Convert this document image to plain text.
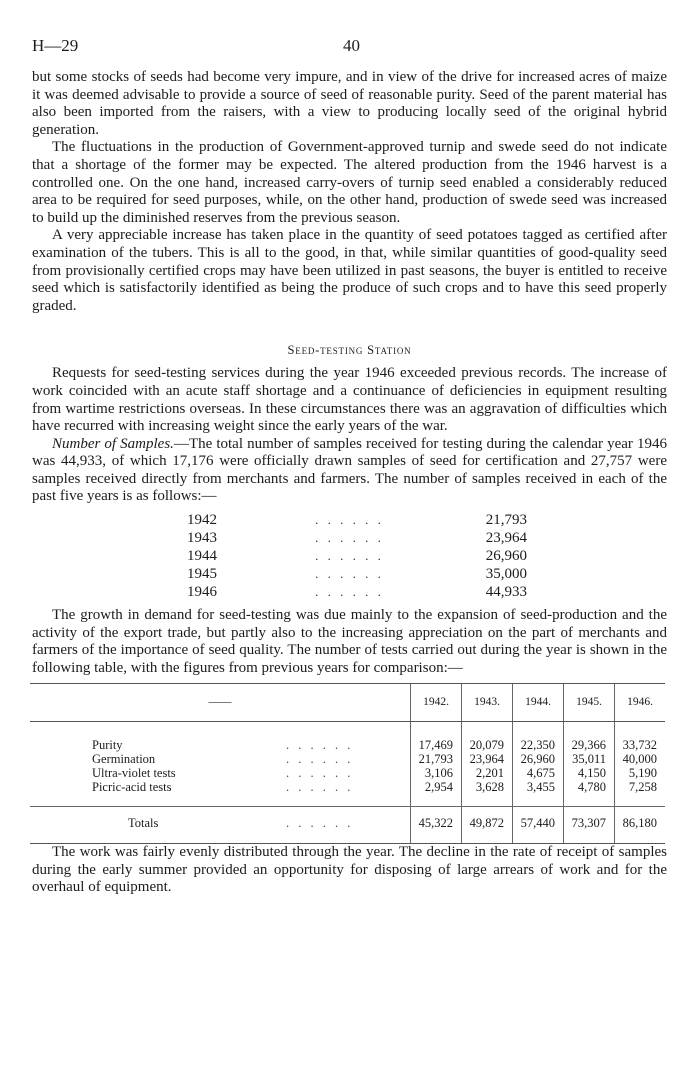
H—29	40

but some stocks of seeds had become very impure, and in view of the drive for increased acres of maize it was deemed advisable to provide a source of seed of reasonable purity. Seed of the parent material has also been imported from the raisers, with a view to producing locally seed of the original hybrid generation.

The fluctuations in the production of Government-approved turnip and swede seed do not indicate that a shortage of the former may be expected. The altered production from the 1946 harvest is a controlled one. On the one hand, increased carry-overs of turnip seed enabled a considerably reduced area to be required for seed purposes, while, on the other hand, production of swede seed was increased to build up the diminished reserves from the previous season.

A very appreciable increase has taken place in the quantity of seed potatoes tagged as certified after examination of the tubers. This is all to the good, in that, while similar quantities of good-quality seed from provisionally certified crops may have been utilized in past seasons, the buyer is entitled to receive seed which is satisfactorily identified as being the produce of such crops and to have this seed properly graded.

Seed-testing Station

Requests for seed-testing services during the year 1946 exceeded previous records. The increase of work coincided with an acute staff shortage and a continuance of deficiencies in equipment resulting from wartime restrictions overseas. In these circumstances there was an aggravation of difficulties which have recurred with increasing weight since the early years of the war.

Number of Samples.—The total number of samples received for testing during the calendar year 1946 was 44,933, of which 17,176 were officially drawn samples of seed for certification and 27,757 were samples received directly from merchants and farmers. The number of samples received in each of the past five years is as follows:—

1942	. . . . . .	21,793
1943	. . . . . .	23,964
1944	. . . . . .	26,960
1945	. . . . . .	35,000
1946	. . . . . .	44,933

The growth in demand for seed-testing was due mainly to the expansion of seed-production and the activity of the export trade, but partly also to the increasing appreciation on the part of merchants and farmers of the importance of seed quality. The number of tests carried out during the year is shown in the following table, with the figures from previous years for comparison:—

——		1942.	1943.	1944.	1945.	1946.
Purity	. . . . . .	17,469	20,079	22,350	29,366	33,732
Germination	. . . . . .	21,793	23,964	26,960	35,011	40,000
Ultra-violet tests	. . . . . .	3,106	2,201	4,675	4,150	5,190
Picric-acid tests	. . . . . .	2,954	3,628	3,455	4,780	7,258
Totals	. . . . . .	45,322	49,872	57,440	73,307	86,180

The work was fairly evenly distributed through the year. The decline in the rate of receipt of samples during the early summer provided an opportunity for disposing of large arrears of work and for the overhaul of equipment.
